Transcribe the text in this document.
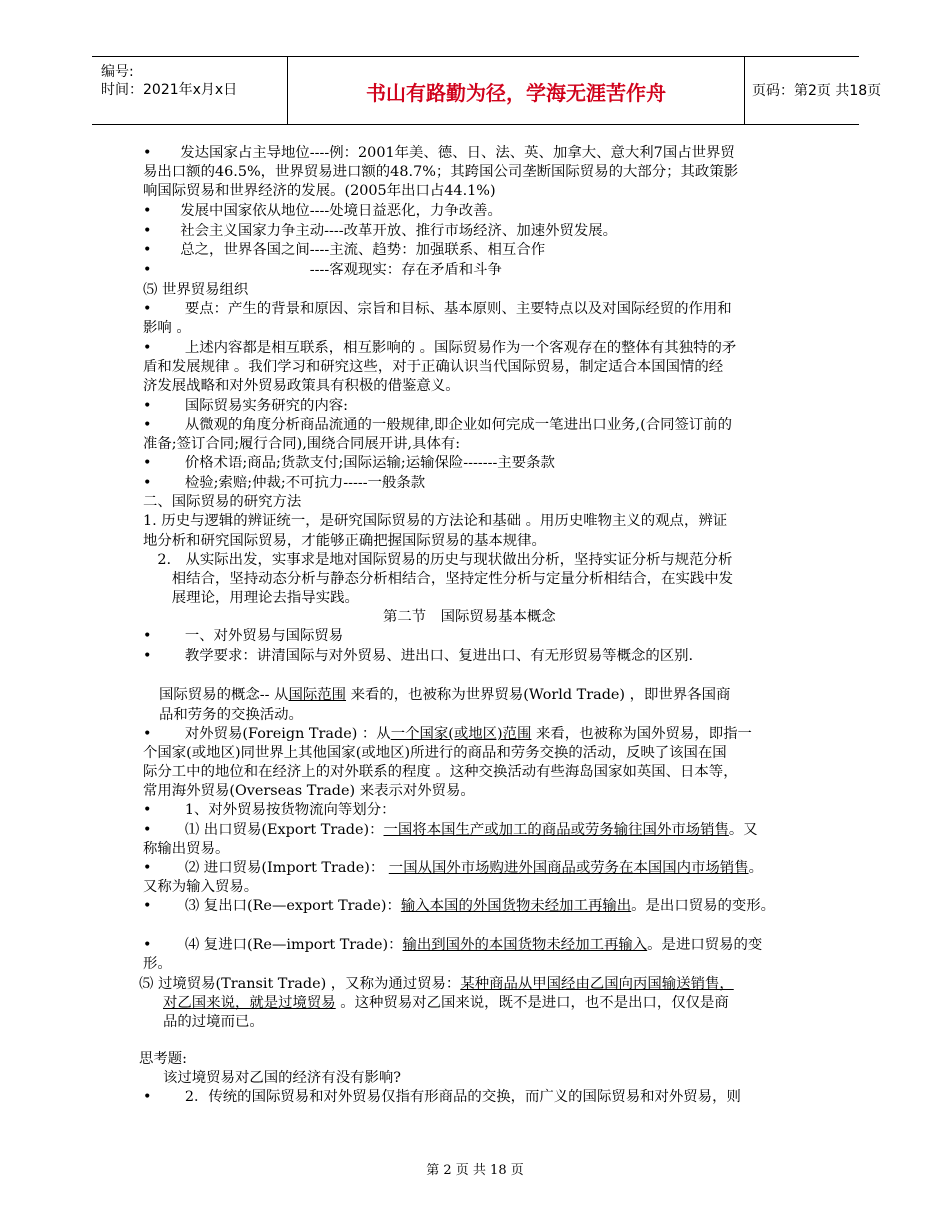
编号:
时间：2021年x月x日	书山有路勤为径，学海无涯苦作舟	页码：第2页 共18页
•　　发达国家占主导地位----例：2001年美、德、日、法、英、加拿大、意大利7国占世界贸
易出口额的46.5%，世界贸易进口额的48.7%；其跨国公司垄断国际贸易的大部分；其政策影
响国际贸易和世界经济的发展。(2005年出口占44.1%)
•　　发展中国家依从地位----处境日益恶化，力争改善。
•　　社会主义国家力争主动----改革开放、推行市场经济、加速外贸发展。
•　　总之，世界各国之间----主流、趋势：加强联系、相互合作
•　　　　　　　　　　　----客观现实：存在矛盾和斗争
⑸ 世界贸易组织
•　　 要点：产生的背景和原因、宗旨和目标、基本原则、主要特点以及对国际经贸的作用和
影响 。
•　　 上述内容都是相互联系，相互影响的 。国际贸易作为一个客观存在的整体有其独特的矛
盾和发展规律 。我们学习和研究这些，对于正确认识当代国际贸易，制定适合本国国情的经
济发展战略和对外贸易政策具有积极的借鉴意义。
•　　 国际贸易实务研究的内容:
•　　 从微观的角度分析商品流通的一般规律,即企业如何完成一笔进出口业务,(合同签订前的
准备;签订合同;履行合同),围绕合同展开讲,具体有:
•　　 价格术语;商品;货款支付;国际运输;运输保险-------主要条款
•　　 检验;索赔;仲裁;不可抗力-----一般条款
二、国际贸易的研究方法
1. 历史与逻辑的辨证统一，是研究国际贸易的方法论和基础 。用历史唯物主义的观点，辨证
地分析和研究国际贸易，才能够正确把握国际贸易的基本规律。
　2.　从实际出发，实事求是地对国际贸易的历史与现状做出分析，坚持实证分析与规范分析
　　相结合，坚持动态分析与静态分析相结合，坚持定性分析与定量分析相结合，在实践中发
　　展理论，用理论去指导实践。
第二节　国际贸易基本概念
•　　 一、对外贸易与国际贸易
•　　 教学要求：讲清国际与对外贸易、进出口、复进出口、有无形贸易等概念的区别.
国际贸易的概念-- 从国际范围 来看的，也被称为世界贸易(World Trade) ，即世界各国商
品和劳务的交换活动。
•　　 对外贸易(Foreign Trade) ：从一个国家(或地区)范围 来看，也被称为国外贸易，即指一
个国家(或地区)同世界上其他国家(或地区)所进行的商品和劳务交换的活动，反映了该国在国
际分工中的地位和在经济上的对外联系的程度 。这种交换活动有些海岛国家如英国、日本等，
常用海外贸易(Overseas Trade) 来表示对外贸易。
•　　 1、对外贸易按货物流向等划分：
•　　 ⑴ 出口贸易(Export Trade)：一国将本国生产或加工的商品或劳务输往国外市场销售。又
称输出贸易。
•　　 ⑵ 进口贸易(Import Trade)： 一国从国外市场购进外国商品或劳务在本国国内市场销售。
又称为输入贸易。
•　　 ⑶ 复出口(Re—export Trade)：输入本国的外国货物未经加工再输出。是出口贸易的变形。
•　　 ⑷ 复进口(Re—import Trade)：输出到国外的本国货物未经加工再输入。是进口贸易的变
形。
⑸ 过境贸易(Transit Trade) ，又称为通过贸易：某种商品从甲国经由乙国向丙国输送销售，
对乙国来说，就是过境贸易 。这种贸易对乙国来说，既不是进口，也不是出口，仅仅是商
品的过境而已。
思考题:
该过境贸易对乙国的经济有没有影响?
•　　 2．传统的国际贸易和对外贸易仅指有形商品的交换，而广义的国际贸易和对外贸易，则
第 2 页 共 18 页
